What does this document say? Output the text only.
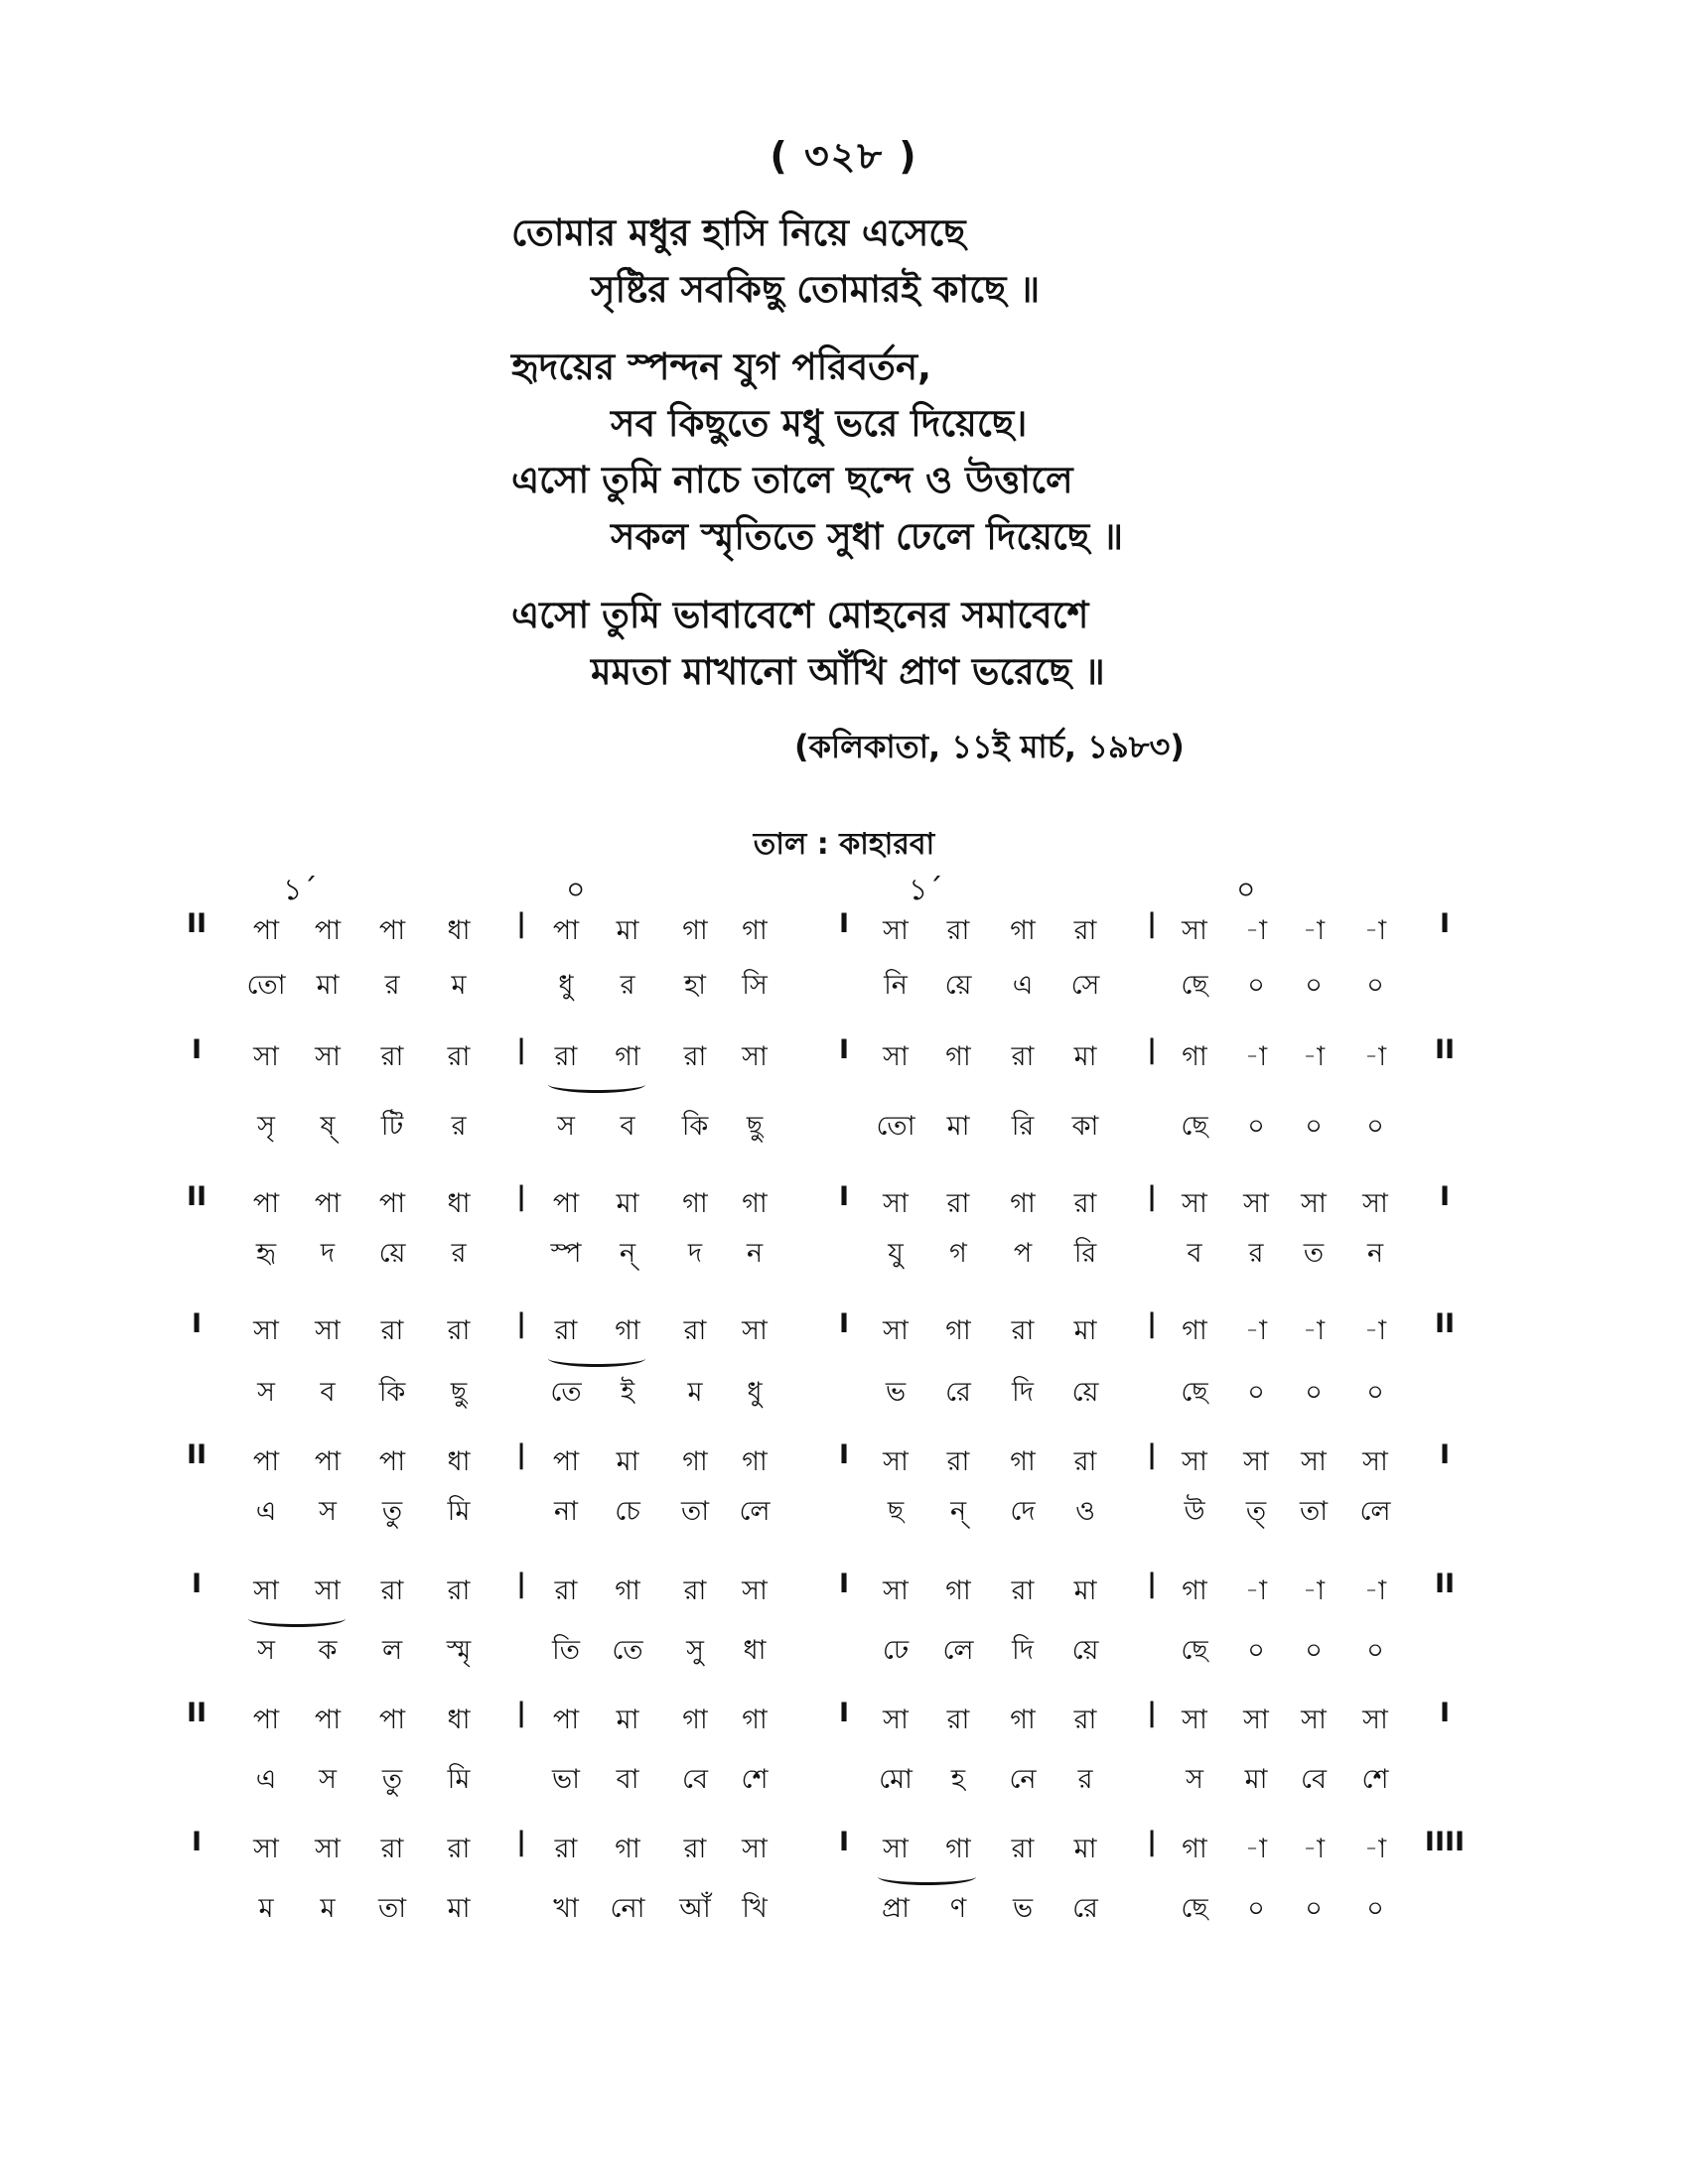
( ৩২৮ )
তোমার মধুর হাসি নিয়ে এসেছে
সৃষ্টির সবকিছু তোমারই কাছে ॥
হৃদয়ের স্পন্দন যুগ পরিবর্তন,
সব কিছুতে মধু ভরে দিয়েছে।
এসো তুমি নাচে তালে ছন্দে ও উত্তালে
সকল স্মৃতিতে সুধা ঢেলে দিয়েছে ॥
এসো তুমি ভাবাবেশে মোহনের সমাবেশে
মমতা মাখানো আঁখি প্রাণ ভরেছে ॥
(কলিকাতা, ১১ই মার্চ, ১৯৮৩)
তাল : কাহারবা
১´	০	১´	০
পা পা পা ধা	পা মা গা গা	সা রা গা রা	সা -া -া -া
তো মা র ম	ধু র হা সি	নি য়ে এ সে	ছে ০ ০ ০
II	|	I	|	I
সা সা রা রা	রা গা রা সা	সা গা রা মা	গা -া -া -া
সৃ ষ্ টি র	স ব কি ছু	তো মা রি কা	ছে ০ ০ ০
I	|	I	|	II
পা পা পা ধা	পা মা গা গা	সা রা গা রা	সা সা সা সা
হৃ দ য়ে র	স্প ন্ দ ন	যু গ প রি	ব র ত ন
II	|	I	|	I
সা সা রা রা	রা গা রা সা	সা গা রা মা	গা -া -া -া
স ব কি ছু	তে ই ম ধু	ভ রে দি য়ে	ছে ০ ০ ০
I	|	I	|	II
পা পা পা ধা	পা মা গা গা	সা রা গা রা	সা সা সা সা
এ স তু মি	না চে তা লে	ছ ন্ দে ও	উ ত্ তা লে
II	|	I	|	I
সা সা রা রা	রা গা রা সা	সা গা রা মা	গা -া -া -া
স ক ল স্মৃ	তি তে সু ধা	ঢে লে দি য়ে	ছে ০ ০ ০
I	|	I	|	II
পা পা পা ধা	পা মা গা গা	সা রা গা রা	সা সা সা সা
এ স তু মি	ভা বা বে শে	মো হ নে র	স মা বে শে
II	|	I	|	I
সা সা রা রা	রা গা রা সা	সা গা রা মা	গা -া -া -া
ম ম তা মা	খা নো আঁ খি	প্রা ণ ভ রে	ছে ০ ০ ০
I	|	I	|	IIII
